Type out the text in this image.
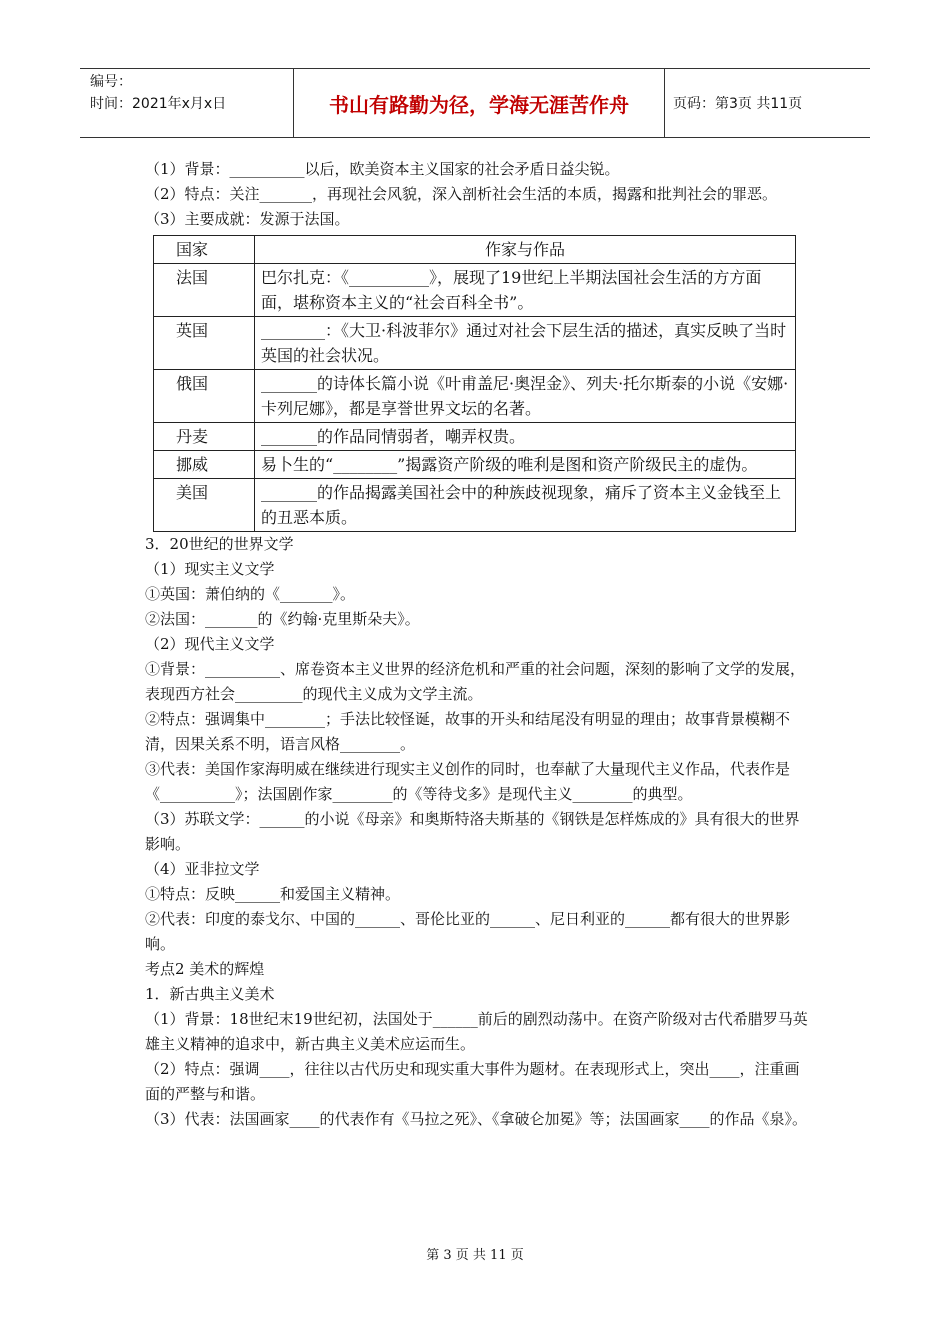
编号：
时间：2021年x月x日	书山有路勤为径，学海无涯苦作舟	页码：第3页 共11页

（1）背景：__________以后，欧美资本主义国家的社会矛盾日益尖锐。

（2）特点：关注_______，再现社会风貌，深入剖析社会生活的本质，揭露和批判社会的罪恶。

（3）主要成就：发源于法国。

国家	作家与作品
法国	巴尔扎克：《__________》，展现了19世纪上半期法国社会生活的方方面面，堪称资本主义的“社会百科全书”。
英国	________：《大卫·科波菲尔》通过对社会下层生活的描述，真实反映了当时英国的社会状况。
俄国	_______的诗体长篇小说《叶甫盖尼·奥涅金》、列夫·托尔斯泰的小说《安娜·卡列尼娜》，都是享誉世界文坛的名著。
丹麦	_______的作品同情弱者，嘲弄权贵。
挪威	易卜生的“________”揭露资产阶级的唯利是图和资产阶级民主的虚伪。
美国	_______的作品揭露美国社会中的种族歧视现象，痛斥了资本主义金钱至上的丑恶本质。

3．20世纪的世界文学

（1）现实主义文学

①英国：萧伯纳的《_______》。

②法国：_______的《约翰·克里斯朵夫》。

（2）现代主义文学

①背景：__________、席卷资本主义世界的经济危机和严重的社会问题，深刻的影响了文学的发展，表现西方社会_________的现代主义成为文学主流。

②特点：强调集中________；手法比较怪诞，故事的开头和结尾没有明显的理由；故事背景模糊不清，因果关系不明，语言风格________。

③代表：美国作家海明威在继续进行现实主义创作的同时，也奉献了大量现代主义作品，代表作是《__________》；法国剧作家________的《等待戈多》是现代主义________的典型。

（3）苏联文学：______的小说《母亲》和奥斯特洛夫斯基的《钢铁是怎样炼成的》具有很大的世界影响。

（4）亚非拉文学

①特点：反映______和爱国主义精神。

②代表：印度的泰戈尔、中国的______、哥伦比亚的______、尼日利亚的______都有很大的世界影响。

考点2 美术的辉煌

1．新古典主义美术

（1）背景：18世纪末19世纪初，法国处于______前后的剧烈动荡中。在资产阶级对古代希腊罗马英雄主义精神的追求中，新古典主义美术应运而生。

（2）特点：强调____，往往以古代历史和现实重大事件为题材。在表现形式上，突出____，注重画面的严整与和谐。

（3）代表：法国画家____的代表作有《马拉之死》、《拿破仑加冕》等；法国画家____的作品《泉》。

第 3 页 共 11 页
